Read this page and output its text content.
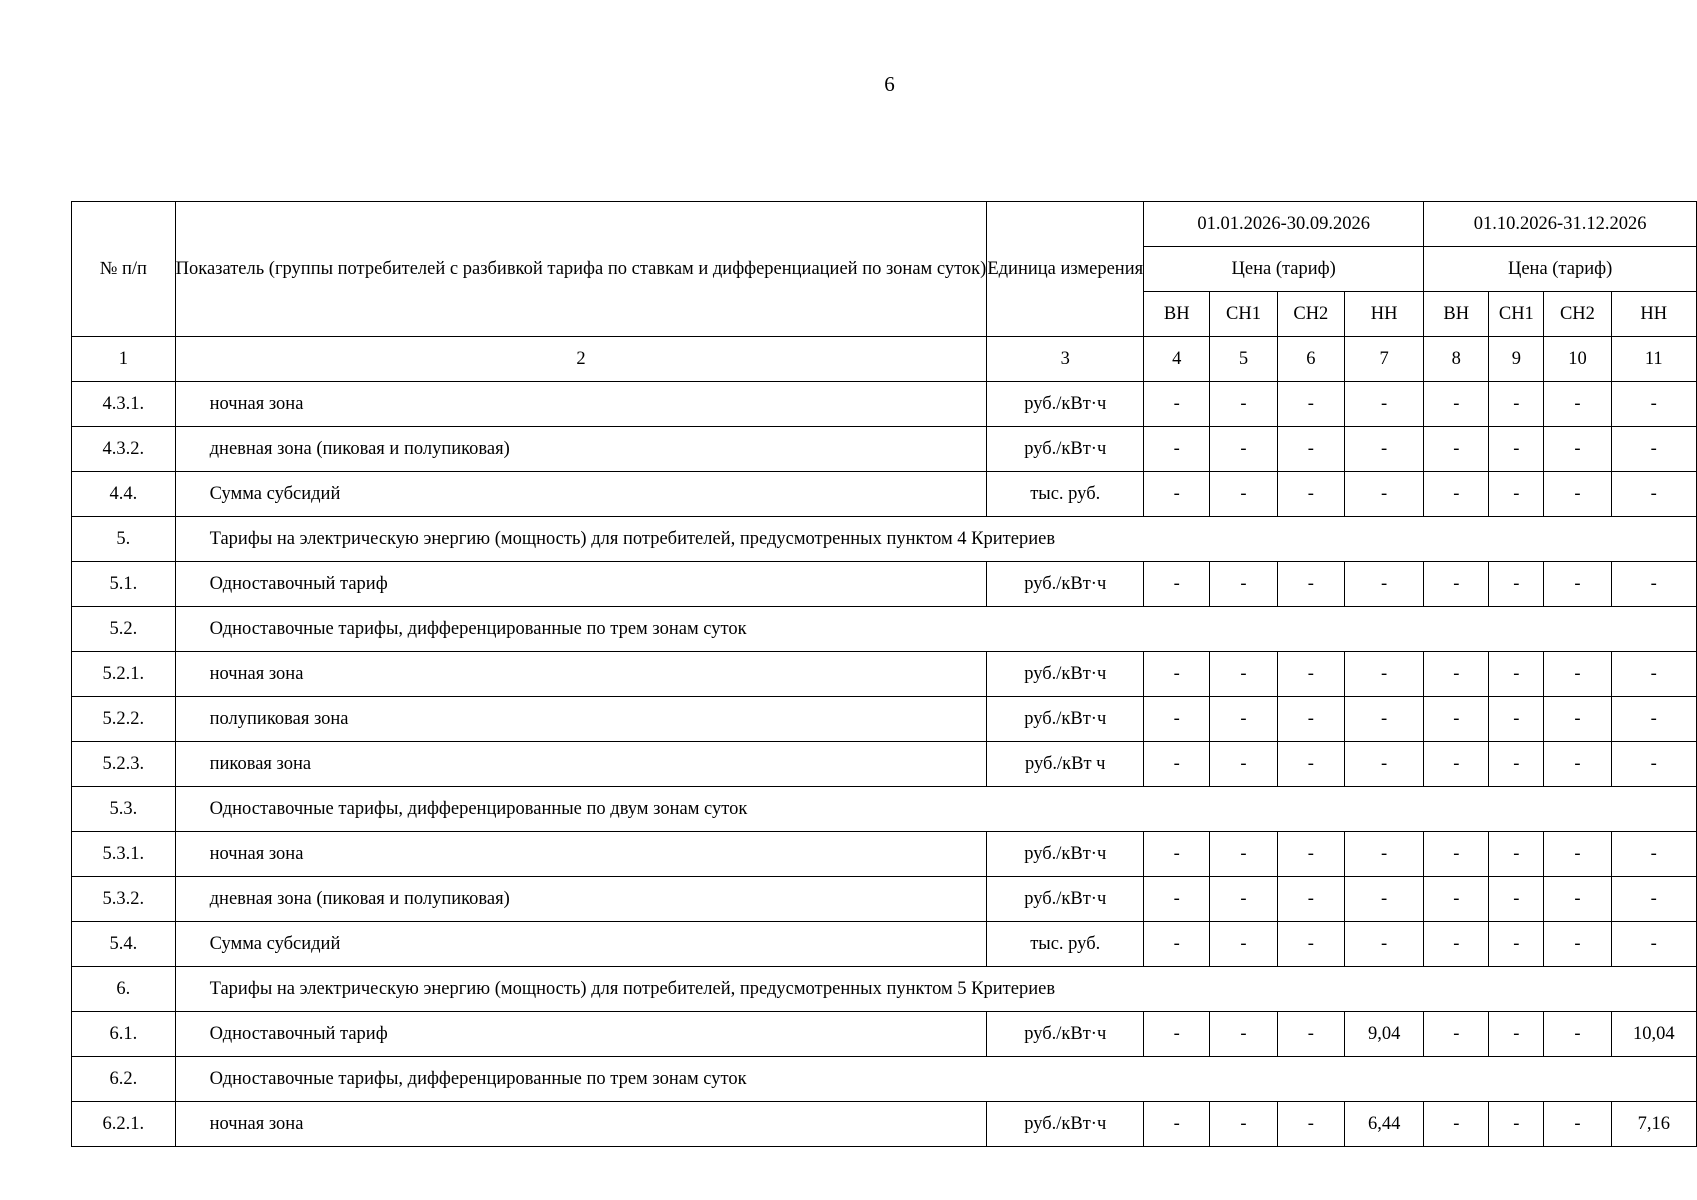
6
№ п/п	Показатель (группы потребителей с разбивкой тарифа по ставкам и дифференциацией по зонам суток)	Единица измерения	01.01.2026-30.09.2026				01.10.2026-31.12.2026			
			Цена (тариф)				Цена (тариф)			
			ВН	СН1	СН2	НН	ВН	СН1	СН2	НН
1	2	3	4	5	6	7	8	9	10	11
4.3.1.	ночная зона	руб./кВт·ч	-	-	-	-	-	-	-	-
4.3.2.	дневная зона (пиковая и полупиковая)	руб./кВт·ч	-	-	-	-	-	-	-	-
4.4.	Сумма субсидий	тыс. руб.	-	-	-	-	-	-	-	-
5.	Тарифы на электрическую энергию (мощность) для потребителей, предусмотренных пунктом 4 Критериев									
5.1.	Одноставочный тариф	руб./кВт·ч	-	-	-	-	-	-	-	-
5.2.	Одноставочные тарифы, дифференцированные по трем зонам суток									
5.2.1.	ночная зона	руб./кВт·ч	-	-	-	-	-	-	-	-
5.2.2.	полупиковая зона	руб./кВт·ч	-	-	-	-	-	-	-	-
5.2.3.	пиковая зона	руб./кВт ч	-	-	-	-	-	-	-	-
5.3.	Одноставочные тарифы, дифференцированные по двум зонам суток									
5.3.1.	ночная зона	руб./кВт·ч	-	-	-	-	-	-	-	-
5.3.2.	дневная зона (пиковая и полупиковая)	руб./кВт·ч	-	-	-	-	-	-	-	-
5.4.	Сумма субсидий	тыс. руб.	-	-	-	-	-	-	-	-
6.	Тарифы на электрическую энергию (мощность) для потребителей, предусмотренных пунктом 5 Критериев									
6.1.	Одноставочный тариф	руб./кВт·ч	-	-	-	9,04	-	-	-	10,04
6.2.	Одноставочные тарифы, дифференцированные по трем зонам суток									
6.2.1.	ночная зона	руб./кВт·ч	-	-	-	6,44	-	-	-	7,16
